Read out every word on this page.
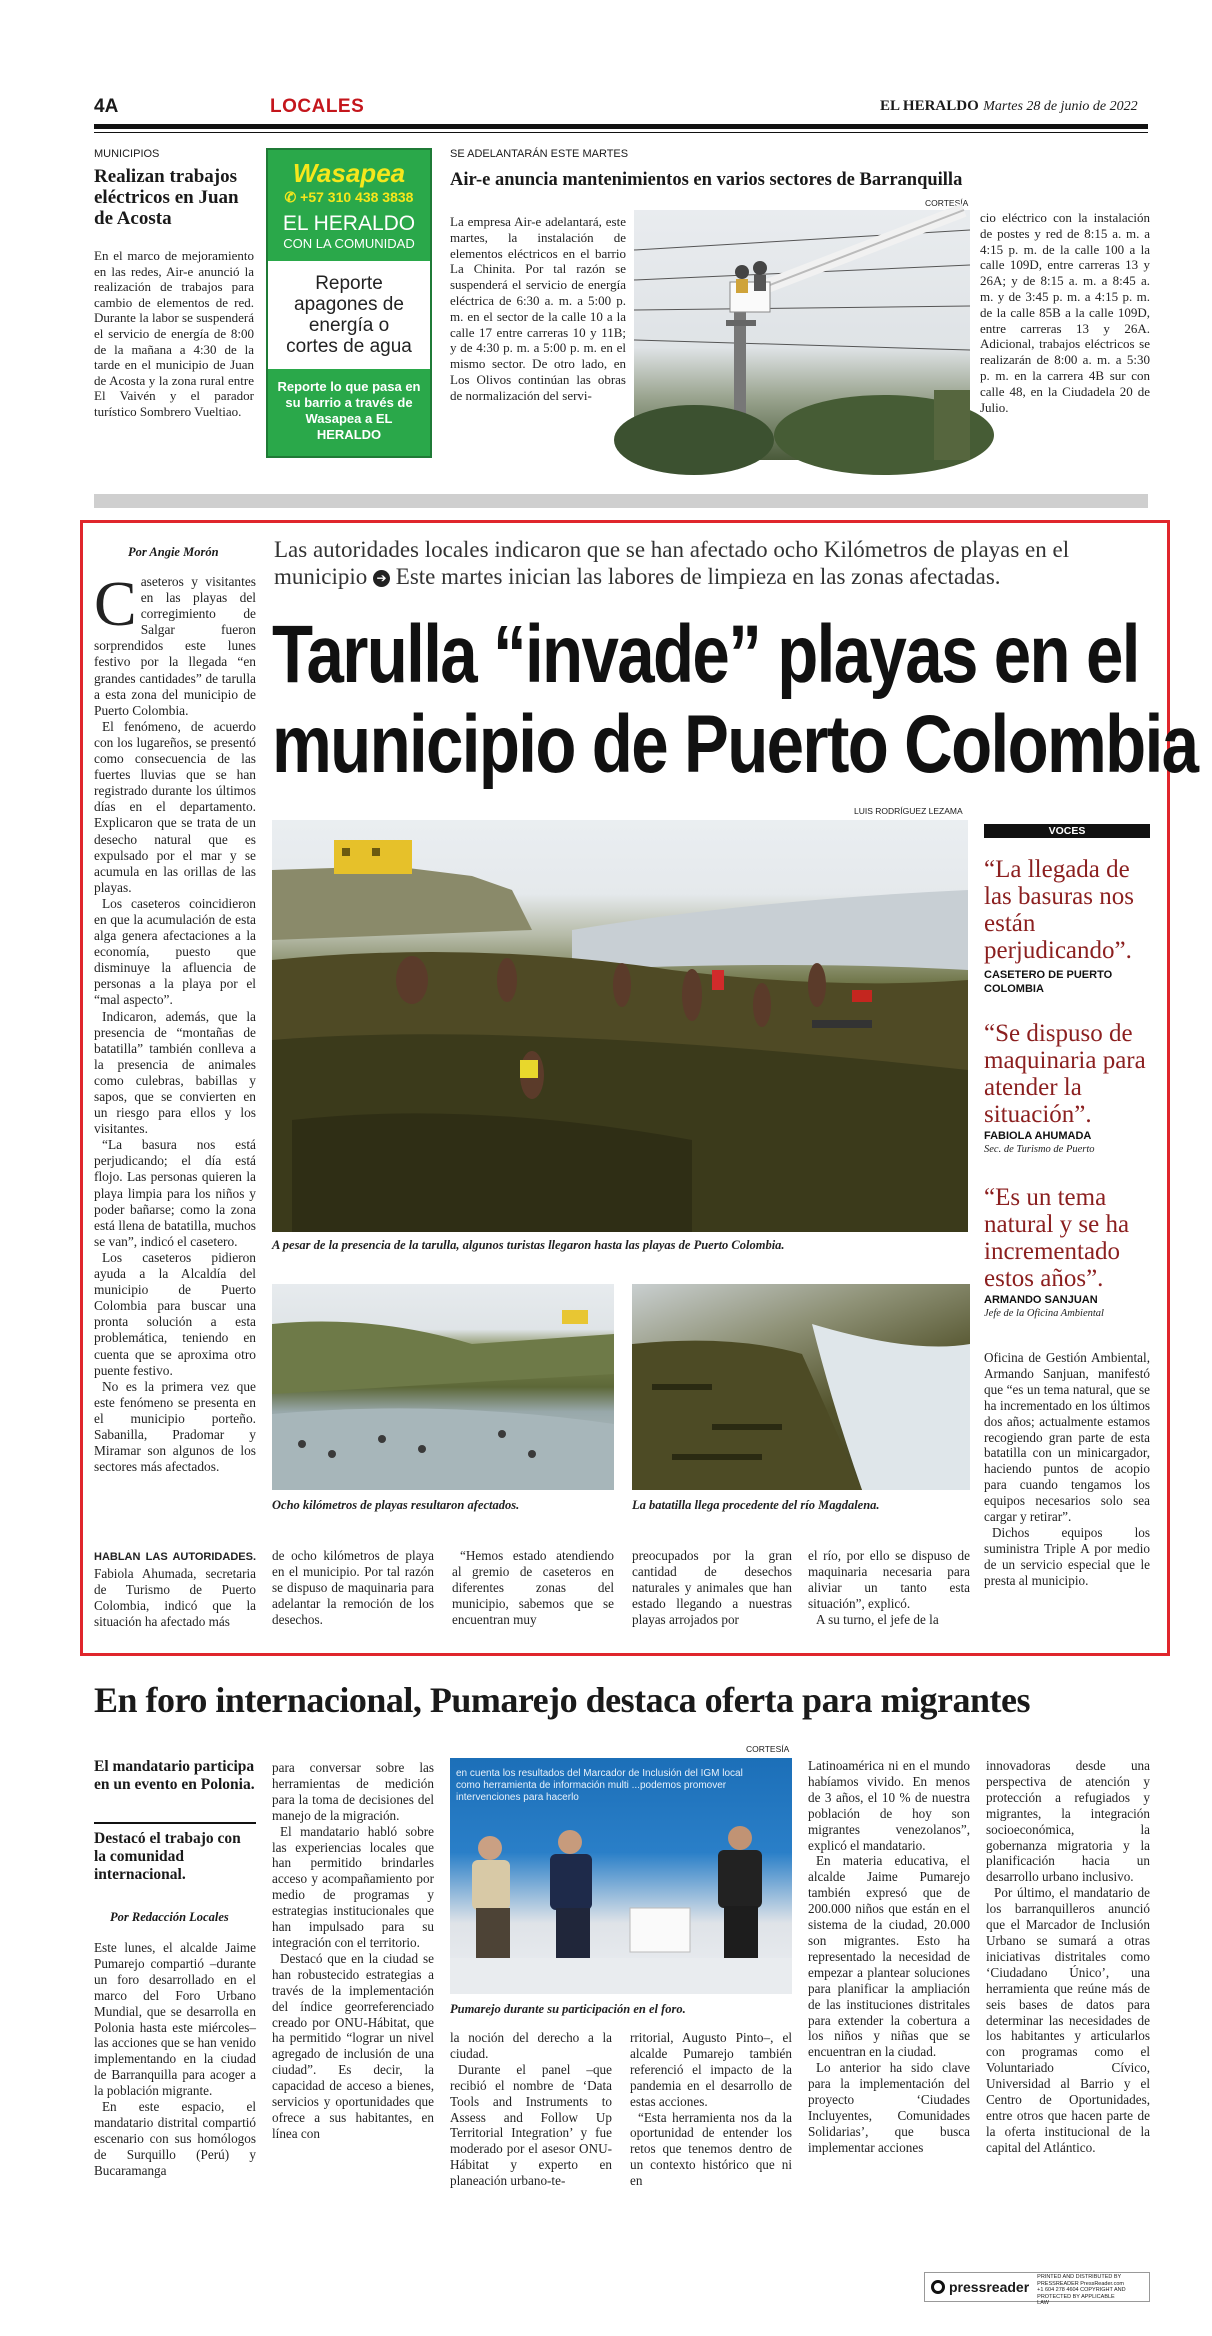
4A	LOCALES	EL HERALDO Martes 28 de junio de 2022
MUNICIPIOS
Realizan trabajos eléctricos en Juan de Acosta
En el marco de mejoramiento en las redes, Air-e anunció la realización de trabajos para cambio de elementos de red. Durante la labor se suspenderá el servicio de energía de 8:00 de la mañana a 4:30 de la tarde en el municipio de Juan de Acosta y la zona rural entre El Vaivén y el parador turístico Sombrero Vueltiao.
Wasapea
✆ +57 310 438 3838
EL HERALDO
CON LA COMUNIDAD
Reporte apagones de energía o cortes de agua
Reporte lo que pasa en su barrio a través de Wasapea a EL HERALDO
SE ADELANTARÁN ESTE MARTES
Air-e anuncia mantenimientos en varios sectores de Barranquilla
La empresa Air-e adelantará, este martes, la instalación de elementos eléctricos en el barrio La Chinita. Por tal razón se suspenderá el servicio de energía eléctrica de 6:30 a. m. a 5:00 p. m. en el sector de la calle 10 a la calle 17 entre carreras 10 y 11B; y de 4:30 p. m. a 5:00 p. m. en el mismo sector. De otro lado, en Los Olivos continúan las obras de normalización del servi-
CORTESÍA
cio eléctrico con la instalación de postes y red de 8:15 a. m. a 4:15 p. m. de la calle 100 a la calle 109D, entre carreras 13 y 26A; y de 8:15 a. m. a 8:45 a. m. y de 3:45 p. m. a 4:15 p. m. de la calle 85B a la calle 109D, entre carreras 13 y 26A. Adicional, trabajos eléctricos se realizarán de 8:00 a. m. a 5:30 p. m. en la carrera 4B sur con calle 48, en la Ciudadela 20 de Julio.
Por Angie Morón Las autoridades locales indicaron que se han afectado ocho Kilómetros de playas en el municipio ➔ Este martes inician las labores de limpieza en las zonas afectadas.
Tarulla “invade” playas en el
municipio de Puerto Colombia

Caseteros y visitantes en las playas del corregimiento de Salgar fueron sorprendidos este lunes festivo por la llegada “en grandes cantidades” de tarulla a esta zona del municipio de Puerto Colombia.

El fenómeno, de acuerdo con los lugareños, se presentó como consecuencia de las fuertes lluvias que se han registrado durante los últimos días en el departamento. Explicaron que se trata de un desecho natural que es expulsado por el mar y se acumula en las orillas de las playas.

Los caseteros coincidieron en que la acumulación de esta alga genera afectaciones a la economía, puesto que disminuye la afluencia de personas a la playa por el “mal aspecto”.

Indicaron, además, que la presencia de “montañas de batatilla” también conlleva a la presencia de animales como culebras, babillas y sapos, que se convierten en un riesgo para ellos y los visitantes.

“La basura nos está perjudicando; el día está flojo. Las personas quieren la playa limpia para los niños y poder bañarse; como la zona está llena de batatilla, muchos se van”, indicó el casetero.

Los caseteros pidieron ayuda a la Alcaldía del municipio de Puerto Colombia para buscar una pronta solución a esta problemática, teniendo en cuenta que se aproxima otro puente festivo.

No es la primera vez que este fenómeno se presenta en el municipio porteño. Sabanilla, Pradomar y Miramar son algunos de los sectores más afectados.

LUIS RODRÍGUEZ LEZAMA
A pesar de la presencia de la tarulla, algunos turistas llegaron hasta las playas de Puerto Colombia.
Ocho kilómetros de playas resultaron afectados.	La batatilla llega procedente del río Magdalena.
VOCES
“La llegada de las basuras nos están perjudicando”.
CASETERO DE PUERTO COLOMBIA
“Se dispuso de maquinaria para atender la situación”.
FABIOLA AHUMADA
Sec. de Turismo de Puerto
“Es un tema natural y se ha incrementado estos años”.
ARMANDO SANJUAN
Jefe de la Oficina Ambiental

Oficina de Gestión Ambiental, Armando Sanjuan, manifestó que “es un tema natural, que se ha incrementado en los últimos dos años; actualmente estamos recogiendo gran parte de esta batatilla con un minicargador, haciendo puntos de acopio para cuando tengamos los equipos necesarios solo sea cargar y retirar”.

Dichos equipos los suministra Triple A por medio de un servicio especial que le presta al municipio.

HABLAN LAS AUTORIDADES. Fabiola Ahumada, secretaria de Turismo de Puerto Colombia, indicó que la situación ha afectado más

de ocho kilómetros de playa en el municipio. Por tal razón se dispuso de maquinaria para adelantar la remoción de los desechos.
“Hemos estado atendiendo al gremio de caseteros en diferentes zonas del municipio, sabemos que se encuentran muy
preocupados por la gran cantidad de desechos naturales y animales que han estado llegando a nuestras playas arrojados por

el río, por ello se dispuso de maquinaria necesaria para aliviar un tanto esta situación”, explicó.

A su turno, el jefe de la

En foro internacional, Pumarejo destaca oferta para migrantes
El mandatario participa en un evento en Polonia.
Destacó el trabajo con la comunidad internacional.
Por Redacción Locales

Este lunes, el alcalde Jaime Pumarejo compartió –durante un foro desarrollado en el marco del Foro Urbano Mundial, que se desarrolla en Polonia hasta este miércoles– las acciones que se han venido implementando en la ciudad de Barranquilla para acoger a la población migrante.

En este espacio, el mandatario distrital compartió escenario con sus homólogos de Surquillo (Perú) y Bucaramanga

para conversar sobre las herramientas de medición para la toma de decisiones del manejo de la migración.

El mandatario habló sobre las experiencias locales que han permitido brindarles acceso y acompañamiento por medio de programas y estrategias institucionales que han impulsado para su integración con el territorio.

Destacó que en la ciudad se han robustecido estrategias a través de la implementación del índice georreferenciado creado por ONU-Hábitat, que ha permitido “lograr un nivel agregado de inclusión de una ciudad”. Es decir, la capacidad de acceso a bienes, servicios y oportunidades que ofrece a sus habitantes, en línea con

CORTESÍA
en cuenta los resultados del Marcador de Inclusión del IGM local como herramienta de información multi ...podemos promover intervenciones para hacerlo
Pumarejo durante su participación en el foro.

la noción del derecho a la ciudad.

Durante el panel –que recibió el nombre de ‘Data Tools and Instruments to Assess and Follow Up Territorial Integration’ y fue moderado por el asesor ONU-Hábitat y experto en planeación urbano-te-

rritorial, Augusto Pinto–, el alcalde Pumarejo también referenció el impacto de la pandemia en el desarrollo de estas acciones.

“Esta herramienta nos da la oportunidad de entender los retos que tenemos dentro de un contexto histórico que ni en

Latinoamérica ni en el mundo habíamos vivido. En menos de 3 años, el 10 % de nuestra población de hoy son migrantes venezolanos”, explicó el mandatario.

En materia educativa, el alcalde Jaime Pumarejo también expresó que de 200.000 niños que están en el sistema de la ciudad, 20.000 son migrantes. Esto ha representado la necesidad de empezar a plantear soluciones para planificar la ampliación de las instituciones distritales para extender la cobertura a los niños y niñas que se encuentran en la ciudad.

Lo anterior ha sido clave para la implementación del proyecto ‘Ciudades Incluyentes, Comunidades Solidarias’, que busca implementar acciones

innovadoras desde una perspectiva de atención y protección a refugiados y migrantes, la integración socioeconómica, la gobernanza migratoria y la planificación hacia un desarrollo urbano inclusivo.

Por último, el mandatario de los barranquilleros anunció que el Marcador de Inclusión Urbano se sumará a otras iniciativas distritales como ‘Ciudadano Único’, una herramienta que reúne más de seis bases de datos para determinar las necesidades de los habitantes y articularlos con programas como el Voluntariado Cívico, Universidad al Barrio y el Centro de Oportunidades, entre otros que hacen parte de la oferta institucional de la capital del Atlántico.

pressreader
PRINTED AND DISTRIBUTED BY PRESSREADER PressReader.com +1 604 278 4604 COPYRIGHT AND PROTECTED BY APPLICABLE LAW
